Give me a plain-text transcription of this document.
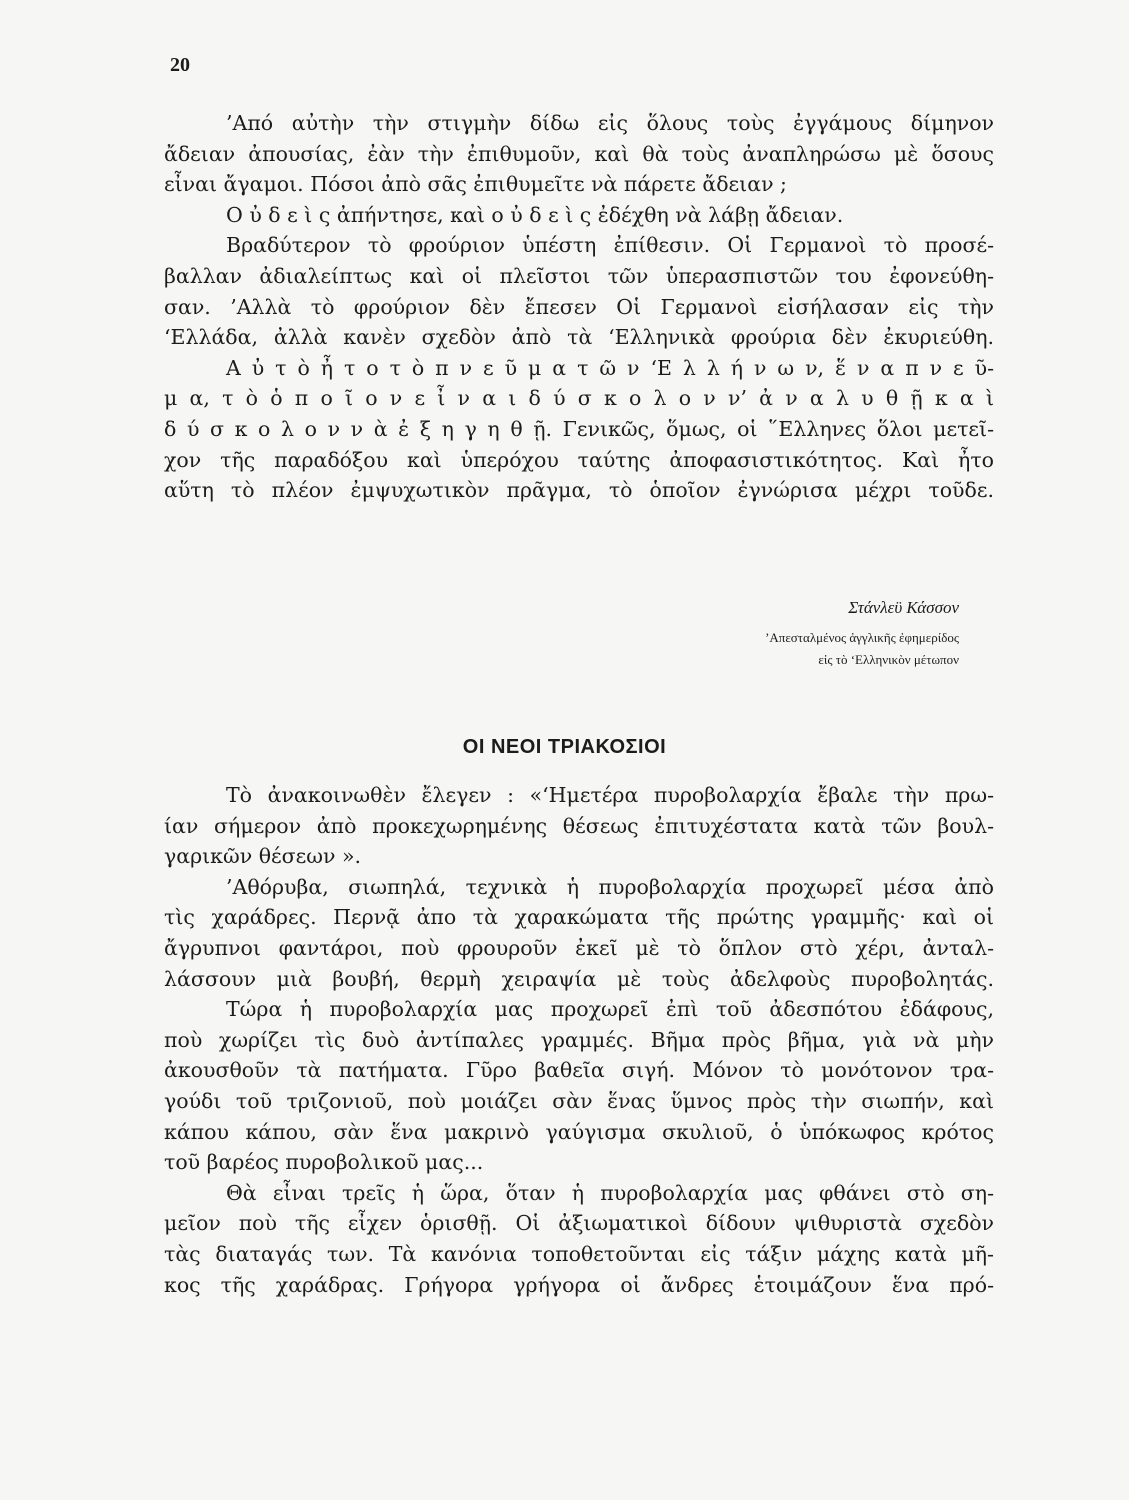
20

’Από αὐτὴν τὴν στιγμὴν δίδω εἰς ὅλους τοὺς ἐγγάμους δίμηνον
ἄδειαν ἀπουσίας, ἐὰν τὴν ἐπιθυμοῦν, καὶ θὰ τοὺς ἀναπληρώσω μὲ ὅσους
εἶναι ἄγαμοι. Πόσοι ἀπὸ σᾶς ἐπιθυμεῖτε νὰ πάρετε ἄδειαν ;

Ο ὐ δ ε ὶ ς ἀπήντησε, καὶ ο ὐ δ ε ὶ ς ἐδέχθη νὰ λάβῃ ἄδειαν.

Βραδύτερον τὸ φρούριον ὑπέστη ἐπίθεσιν. Οἱ Γερμανοὶ τὸ προσέ-
βαλλαν ἀδιαλείπτως καὶ οἱ πλεῖστοι τῶν ὑπερασπιστῶν του ἐφονεύθη-
σαν. ’Αλλὰ τὸ φρούριον δὲν ἔπεσεν Οἱ Γερμανοὶ εἰσήλασαν εἰς τὴν
‘Ελλάδα, ἀλλὰ κανὲν σχεδὸν ἀπὸ τὰ ‘Ελληνικὰ φρούρια δὲν ἐκυριεύθη.

Α ὐ τ ὸ ἦ τ ο τ ὸ π ν ε ῦ μ α τ ῶ ν ‘Ε λ λ ή ν ω ν, ἕ ν α π ν ε ῦ-
μ α, τ ὸ ὁ π ο ῖ ο ν ε ἶ ν α ι δ ύ σ κ ο λ ο ν ν’ ἀ ν α λ υ θ ῇ κ α ὶ
δ ύ σ κ ο λ ο ν ν ὰ ἐ ξ η γ η θ ῇ. Γενικῶς, ὅμως, οἱ ῞Ελληνες ὅλοι μετεῖ-
χον τῆς παραδόξου καὶ ὑπερόχου ταύτης ἀποφασιστικότητος. Καὶ ἦτο
αὕτη τὸ πλέον ἐμψυχωτικὸν πρᾶγμα, τὸ ὁποῖον ἐγνώρισα μέχρι τοῦδε.

Στάνλεϋ Κάσσον
’Απεσταλμένος ἀγγλικῆς ἐφημερίδος
εἰς τὸ ‘Ελληνικὸν μέτωπον
ΟΙ ΝΕΟΙ ΤΡΙΑΚΟΣΙΟΙ

Τὸ ἀνακοινωθὲν ἔλεγεν : «‘Ημετέρα πυροβολαρχία ἔβαλε τὴν πρω-
ίαν σήμερον ἀπὸ προκεχωρημένης θέσεως ἐπιτυχέστατα κατὰ τῶν βουλ-
γαρικῶν θέσεων ».

’Αθόρυβα, σιωπηλά, τεχνικὰ ἡ πυροβολαρχία προχωρεῖ μέσα ἀπὸ
τὶς χαράδρες. Περνᾷ ἀπο τὰ χαρακώματα τῆς πρώτης γραμμῆς· καὶ οἱ
ἄγρυπνοι φαντάροι, ποὺ φρουροῦν ἐκεῖ μὲ τὸ ὅπλον στὸ χέρι, ἀνταλ-
λάσσουν μιὰ βουβή, θερμὴ χειραψία μὲ τοὺς ἀδελφοὺς πυροβολητάς.

Τώρα ἡ πυροβολαρχία μας προχωρεῖ ἐπὶ τοῦ ἀδεσπότου ἐδάφους,
ποὺ χωρίζει τὶς δυὸ ἀντίπαλες γραμμές. Βῆμα πρὸς βῆμα, γιὰ νὰ μὴν
ἀκουσθοῦν τὰ πατήματα. Γῦρο βαθεῖα σιγή. Μόνον τὸ μονότονον τρα-
γούδι τοῦ τριζονιοῦ, ποὺ μοιάζει σὰν ἕνας ὕμνος πρὸς τὴν σιωπήν, καὶ
κάπου κάπου, σὰν ἕνα μακρινὸ γαύγισμα σκυλιοῦ, ὁ ὑπόκωφος κρότος
τοῦ βαρέος πυροβολικοῦ μας...

Θὰ εἶναι τρεῖς ἡ ὥρα, ὅταν ἡ πυροβολαρχία μας φθάνει στὸ ση-
μεῖον ποὺ τῆς εἶχεν ὁρισθῇ. Οἱ ἀξιωματικοὶ δίδουν ψιθυριστὰ σχεδὸν
τὰς διαταγάς των. Τὰ κανόνια τοποθετοῦνται εἰς τάξιν μάχης κατὰ μῆ-
κος τῆς χαράδρας. Γρήγορα γρήγορα οἱ ἄνδρες ἑτοιμάζουν ἕνα πρό-
